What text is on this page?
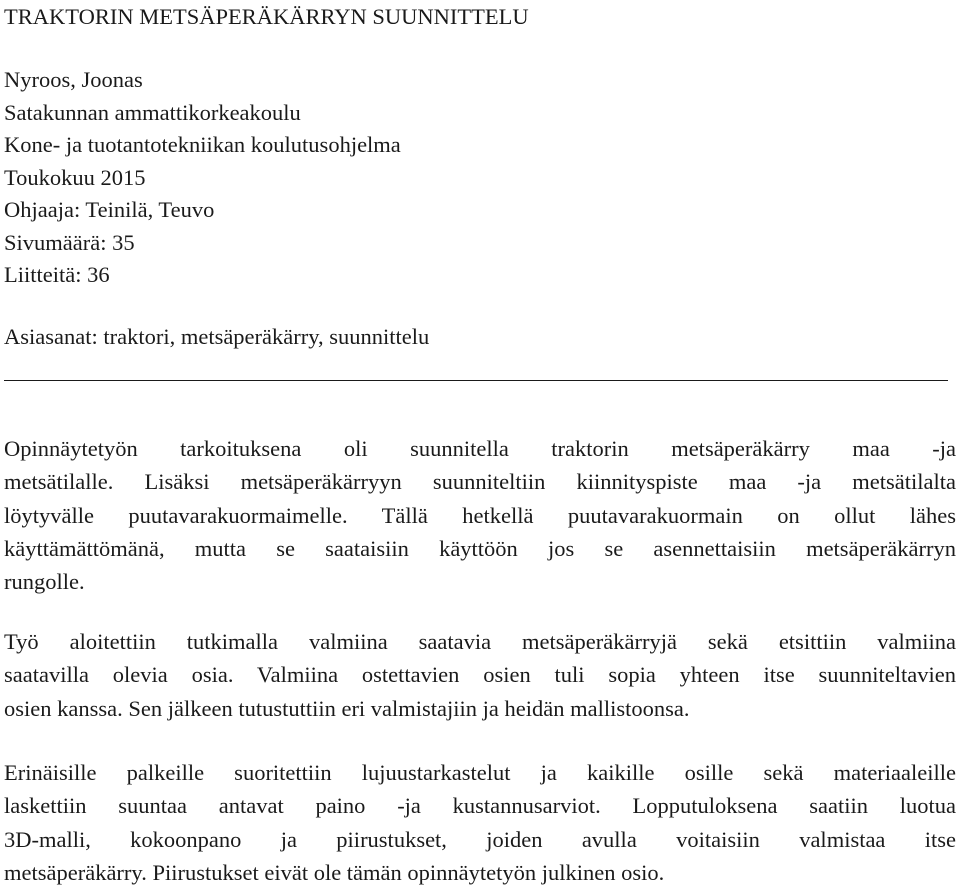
TRAKTORIN METSÄPERÄKÄRRYN SUUNNITTELU
Nyroos, Joonas
Satakunnan ammattikorkeakoulu
Kone- ja tuotantotekniikan koulutusohjelma
Toukokuu 2015
Ohjaaja: Teinilä, Teuvo
Sivumäärä: 35
Liitteitä: 36
Asiasanat: traktori, metsäperäkärry, suunnittelu

Opinnäytetyön tarkoituksena oli suunnitella traktorin metsäperäkärry maa -ja
metsätilalle. Lisäksi metsäperäkärryyn suunniteltiin kiinnityspiste maa -ja metsätilalta
löytyvälle puutavarakuormaimelle. Tällä hetkellä puutavarakuormain on ollut lähes
käyttämättömänä, mutta se saataisiin käyttöön jos se asennettaisiin metsäperäkärryn
rungolle.

Työ aloitettiin tutkimalla valmiina saatavia metsäperäkärryjä sekä etsittiin valmiina
saatavilla olevia osia. Valmiina ostettavien osien tuli sopia yhteen itse suunniteltavien
osien kanssa. Sen jälkeen tutustuttiin eri valmistajiin ja heidän mallistoonsa.

Erinäisille palkeille suoritettiin lujuustarkastelut ja kaikille osille sekä materiaaleille
laskettiin suuntaa antavat paino -ja kustannusarviot. Lopputuloksena saatiin luotua
3D-malli, kokoonpano ja piirustukset, joiden avulla voitaisiin valmistaa itse
metsäperäkärry. Piirustukset eivät ole tämän opinnäytetyön julkinen osio.
